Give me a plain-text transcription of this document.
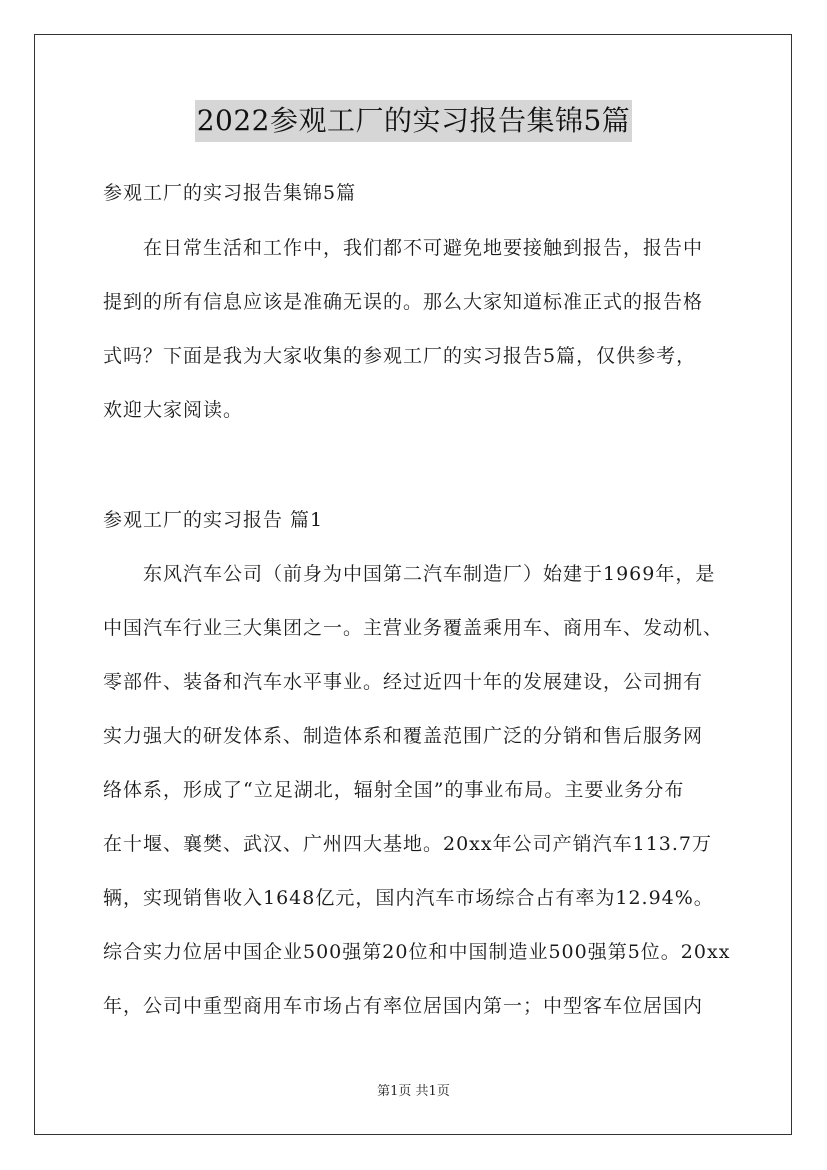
2022参观工厂的实习报告集锦5篇
参观工厂的实习报告集锦5篇
在日常生活和工作中，我们都不可避免地要接触到报告，报告中
提到的所有信息应该是准确无误的。那么大家知道标准正式的报告格
式吗？下面是我为大家收集的参观工厂的实习报告5篇，仅供参考，
欢迎大家阅读。
参观工厂的实习报告 篇1
东风汽车公司（前身为中国第二汽车制造厂）始建于1969年，是
中国汽车行业三大集团之一。主营业务覆盖乘用车、商用车、发动机、
零部件、装备和汽车水平事业。经过近四十年的发展建设，公司拥有
实力强大的研发体系、制造体系和覆盖范围广泛的分销和售后服务网
络体系，形成了“立足湖北，辐射全国”的事业布局。主要业务分布
在十堰、襄樊、武汉、广州四大基地。20xx年公司产销汽车113.7万
辆，实现销售收入1648亿元，国内汽车市场综合占有率为12.94%。
综合实力位居中国企业500强第20位和中国制造业500强第5位。20xx
年，公司中重型商用车市场占有率位居国内第一；中型客车位居国内
第1页 共1页
